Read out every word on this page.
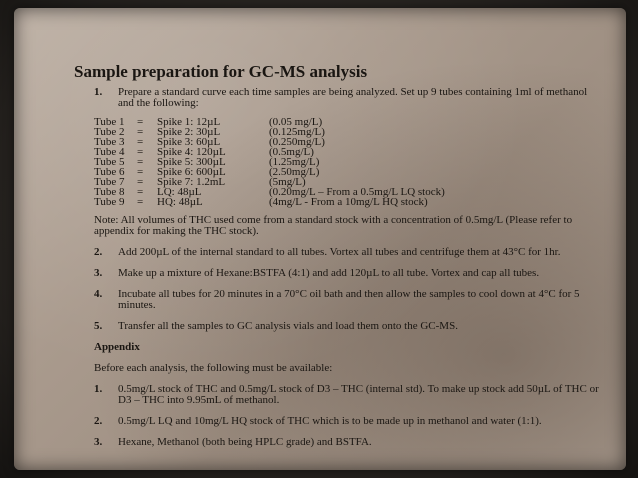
Sample preparation for GC-MS analysis
1.	Prepare a standard curve each time samples are being analyzed. Set up 9 tubes containing 1ml of methanol and the following:
Tube 1	=	Spike 1: 12µL	(0.05 mg/L)
Tube 2	=	Spike 2: 30µL	(0.125mg/L)
Tube 3	=	Spike 3: 60µL	(0.250mg/L)
Tube 4	=	Spike 4: 120µL	(0.5mg/L)
Tube 5	=	Spike 5: 300µL	(1.25mg/L)
Tube 6	=	Spike 6: 600µL	(2.50mg/L)
Tube 7	=	Spike 7: 1.2mL	(5mg/L)
Tube 8	=	LQ: 48µL	(0.20mg/L – From a 0.5mg/L LQ stock)
Tube 9	=	HQ: 48µL	(4mg/L - From a 10mg/L HQ stock)
Note: All volumes of THC used come from a standard stock with a concentration of 0.5mg/L (Please refer to appendix for making the THC stock).
2.	Add 200µL of the internal standard to all tubes. Vortex all tubes and centrifuge them at 43°C for 1hr.
3.	Make up a mixture of Hexane:BSTFA (4:1) and add 120µL to all tube. Vortex and cap all tubes.
4.	Incubate all tubes for 20 minutes in a 70°C oil bath and then allow the samples to cool down at 4°C for 5 minutes.
5.	Transfer all the samples to GC analysis vials and load them onto the GC-MS.
Appendix
Before each analysis, the following must be available:
1.	0.5mg/L stock of THC and 0.5mg/L stock of D3 – THC (internal std). To make up stock add 50µL of THC or D3 – THC into 9.95mL of methanol.
2.	0.5mg/L LQ and 10mg/L HQ stock of THC which is to be made up in methanol and water (1:1).
3.	Hexane, Methanol (both being HPLC grade) and BSTFA.
